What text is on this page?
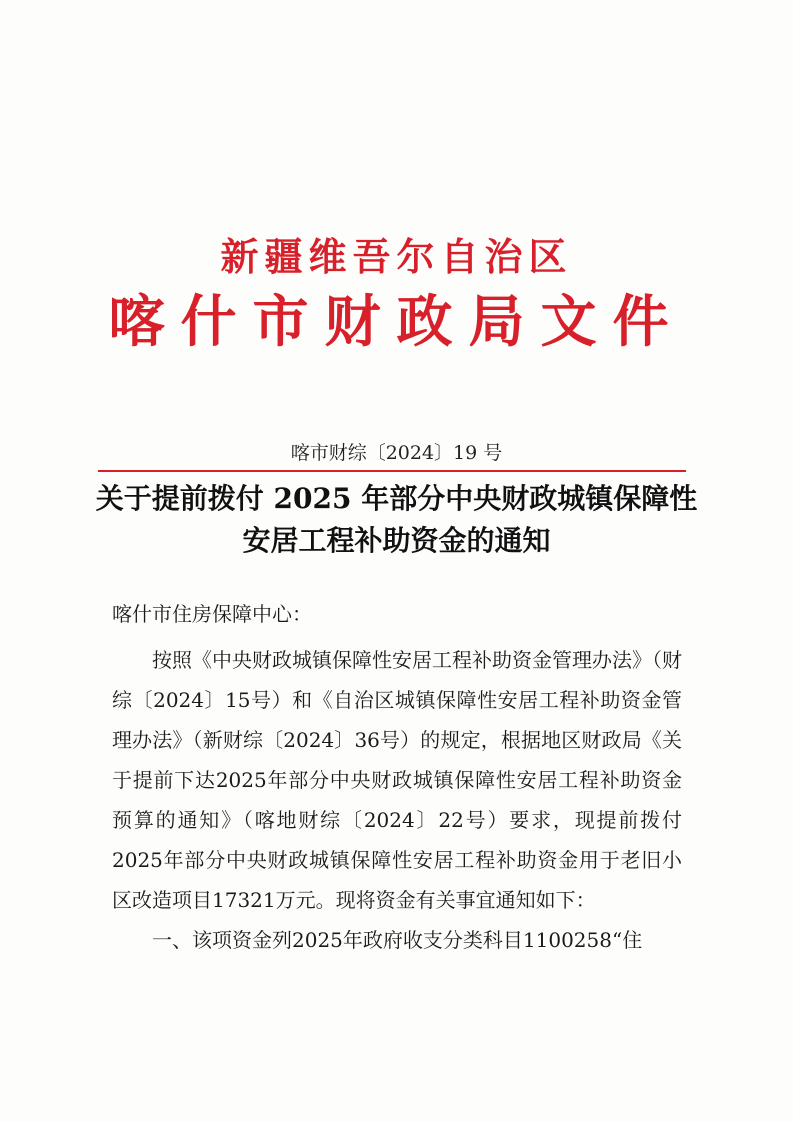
新疆维吾尔自治区
喀什市财政局文件
喀市财综〔2024〕19 号
关于提前拨付 2025 年部分中央财政城镇保障性安居工程补助资金的通知
喀什市住房保障中心：

按照《中央财政城镇保障性安居工程补助资金管理办法》（财综〔2024〕15号）和《自治区城镇保障性安居工程补助资金管理办法》（新财综〔2024〕36号）的规定，根据地区财政局《关于提前下达2025年部分中央财政城镇保障性安居工程补助资金预算的通知》（喀地财综〔2024〕22号）要求，现提前拨付2025年部分中央财政城镇保障性安居工程补助资金用于老旧小区改造项目17321万元。现将资金有关事宜通知如下：

一、该项资金列2025年政府收支分类科目1100258“住
